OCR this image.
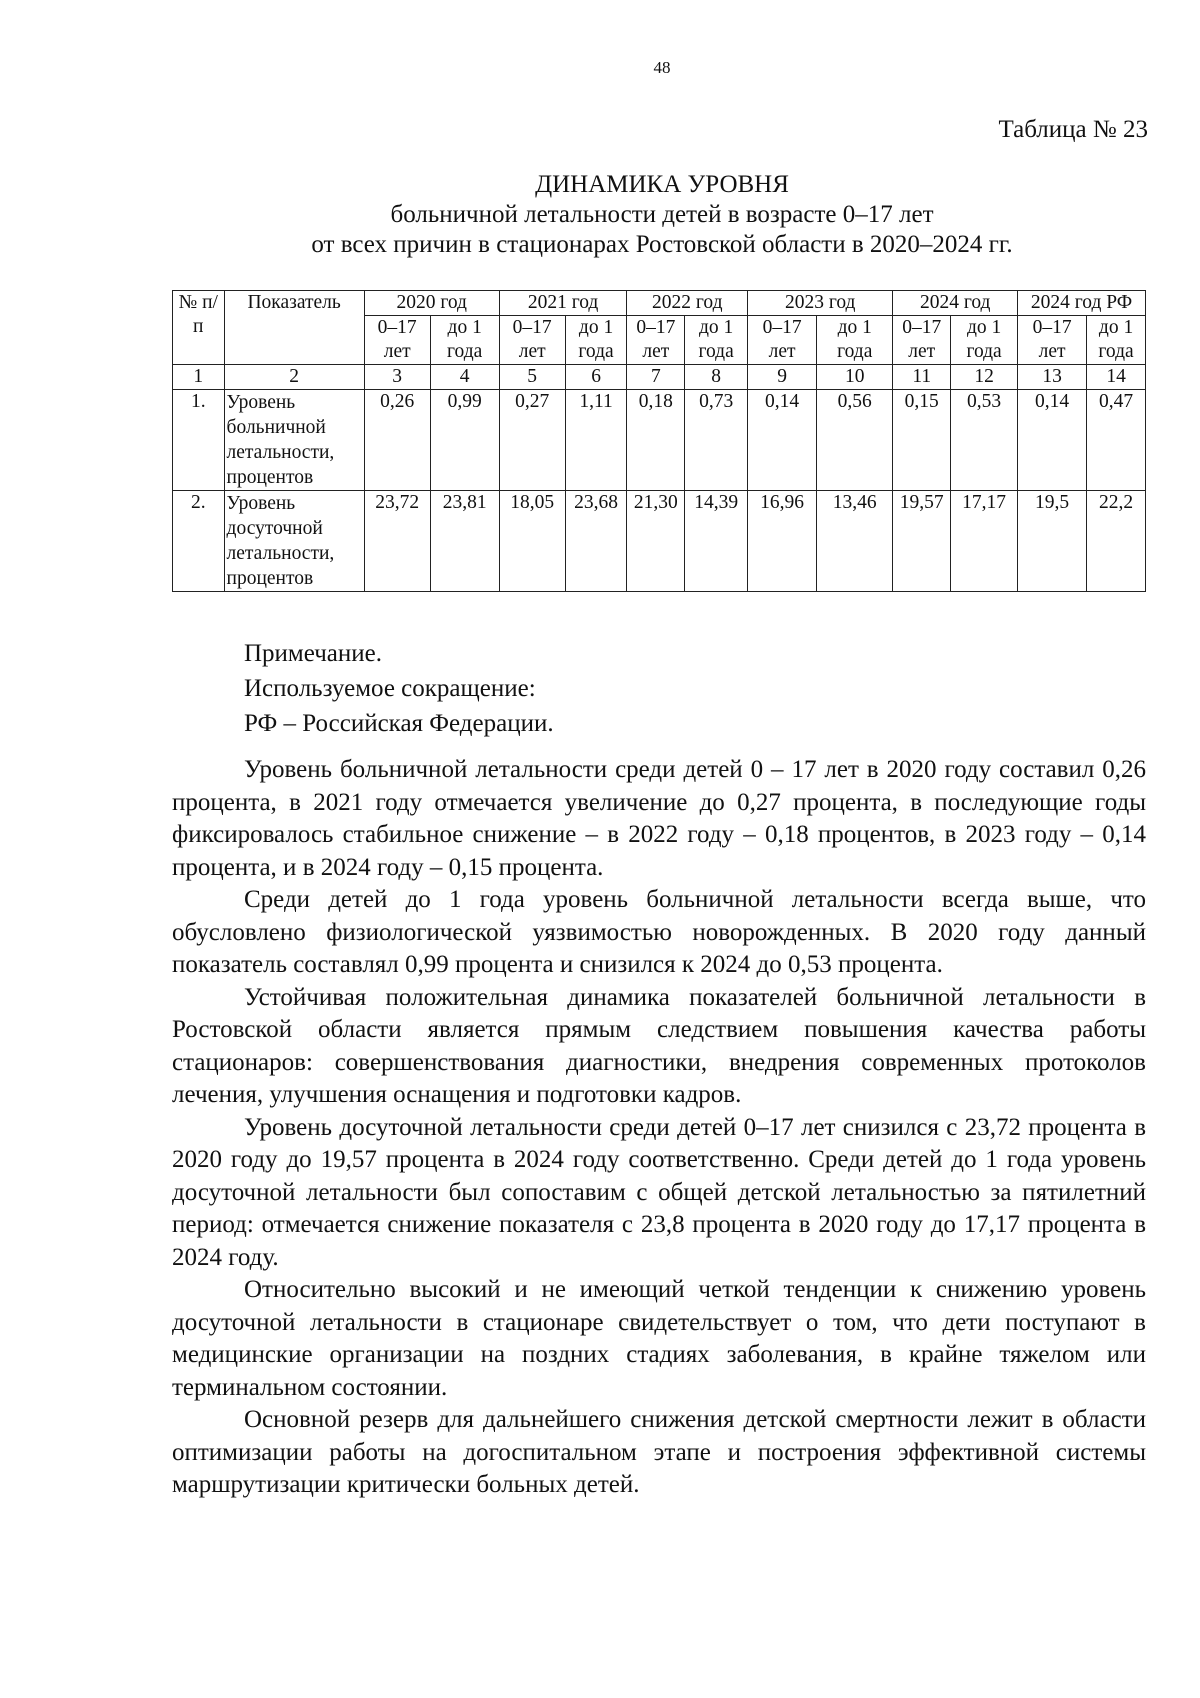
48
Таблица № 23
ДИНАМИКА УРОВНЯ
больничной летальности детей в возрасте 0–17 лет
от всех причин в стационарах Ростовской области в 2020–2024 гг.
№ п/п	Показатель	2020 год		2021 год		2022 год		2023 год		2024 год		2024 год РФ	
		0–17 лет	до 1 года	0–17 лет	до 1 года	0–17 лет	до 1 года	0–17 лет	до 1 года	0–17 лет	до 1 года	0–17 лет	до 1 года
1	2	3	4	5	6	7	8	9	10	11	12	13	14
1.	Уровень больничной летальности, процентов	0,26	0,99	0,27	1,11	0,18	0,73	0,14	0,56	0,15	0,53	0,14	0,47
2.	Уровень досуточной летальности, процентов	23,72	23,81	18,05	23,68	21,30	14,39	16,96	13,46	19,57	17,17	19,5	22,2
Примечание.
Используемое сокращение:
РФ – Российская Федерации.

Уровень больничной летальности среди детей 0 – 17 лет в 2020 году составил 0,26 процента, в 2021 году отмечается увеличение до 0,27 процента, в последующие годы фиксировалось стабильное снижение – в 2022 году – 0,18 процентов, в 2023 году – 0,14 процента, и в 2024 году – 0,15 процента.

Среди детей до 1 года уровень больничной летальности всегда выше, что обусловлено физиологической уязвимостью новорожденных. В 2020 году данный показатель составлял 0,99 процента и снизился к 2024 до 0,53 процента.

Устойчивая положительная динамика показателей больничной летальности в Ростовской области является прямым следствием повышения качества работы стационаров: совершенствования диагностики, внедрения современных протоколов лечения, улучшения оснащения и подготовки кадров.

Уровень досуточной летальности среди детей 0–17 лет снизился с 23,72 процента в 2020 году до 19,57 процента в 2024 году соответственно. Среди детей до 1 года уровень досуточной летальности был сопоставим с общей детской летальностью за пятилетний период: отмечается снижение показателя с 23,8 процента в 2020 году до 17,17 процента в 2024 году.

Относительно высокий и не имеющий четкой тенденции к снижению уровень досуточной летальности в стационаре свидетельствует о том, что дети поступают в медицинские организации на поздних стадиях заболевания, в крайне тяжелом или терминальном состоянии.

Основной резерв для дальнейшего снижения детской смертности лежит в области оптимизации работы на догоспитальном этапе и построения эффективной системы маршрутизации критически больных детей.
